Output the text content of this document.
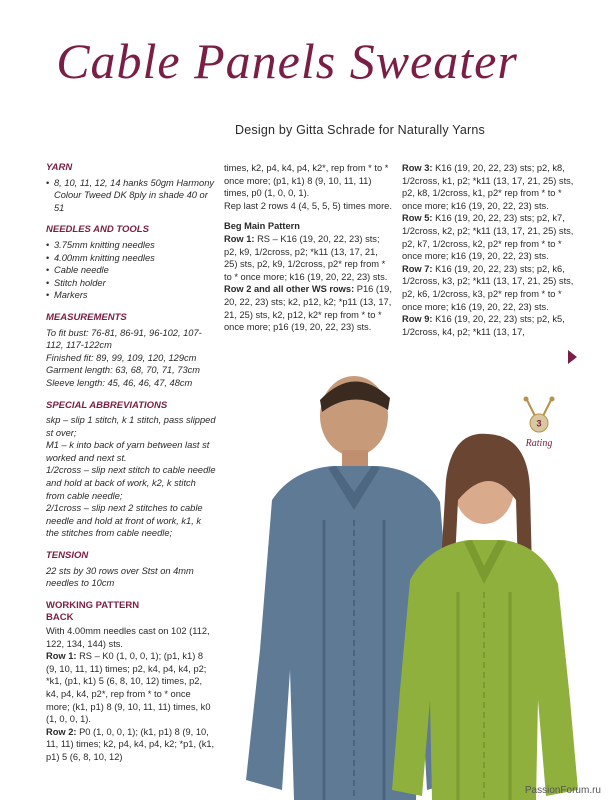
Cable Panels Sweater
Design by Gitta Schrade for Naturally Yarns
YARN
• 8, 10, 11, 12, 14 hanks 50gm Harmony Colour Tweed DK 8ply in shade 40 or 51
NEEDLES AND TOOLS
• 3.75mm knitting needles
• 4.00mm knitting needles
• Cable needle
• Stitch holder
• Markers
MEASUREMENTS
To fit bust: 76-81, 86-91, 96-102, 107-112, 117-122cm
Finished fit: 89, 99, 109, 120, 129cm
Garment length: 63, 68, 70, 71, 73cm
Sleeve length: 45, 46, 46, 47, 48cm
SPECIAL ABBREVIATIONS
skp – slip 1 stitch, k 1 stitch, pass slipped st over;
M1 – k into back of yarn between last st worked and next st.
1/2cross – slip next stitch to cable needle and hold at back of work, k2, k stitch from cable needle;
2/1cross – slip next 2 stitches to cable needle and hold at front of work, k1, k the stitches from cable needle;
TENSION
22 sts by 30 rows over Stst on 4mm needles to 10cm
WORKING PATTERN
BACK
With 4.00mm needles cast on 102 (112, 122, 134, 144) sts.
Row 1: RS – K0 (1, 0, 0, 1); (p1, k1) 8 (9, 10, 11, 11) times; p2, k4, p4, k4, p2; *k1, (p1, k1) 5 (6, 8, 10, 12) times, p2, k4, p4, k4, p2*, rep from * to * once more; (k1, p1) 8 (9, 10, 11, 11) times, k0 (1, 0, 0, 1).
Row 2: P0 (1, 0, 0, 1); (k1, p1) 8 (9, 10, 11, 11) times; k2, p4, k4, p4, k2; *p1, (k1, p1) 5 (6, 8, 10, 12)
times, k2, p4, k4, p4, k2*, rep from * to * once more; (p1, k1) 8 (9, 10, 11, 11) times, p0 (1, 0, 0, 1).
Rep last 2 rows 4 (4, 5, 5, 5) times more.
Beg Main Pattern
Row 1: RS – K16 (19, 20, 22, 23) sts; p2, k9, 1/2cross, p2; *k11 (13, 17, 21, 25) sts, p2, k9, 1/2cross, p2* rep from * to * once more; k16 (19, 20, 22, 23) sts.
Row 2 and all other WS rows: P16 (19, 20, 22, 23) sts; k2, p12, k2; *p11 (13, 17, 21, 25) sts, k2, p12, k2* rep from * to * once more; p16 (19, 20, 22, 23) sts.
Row 3: K16 (19, 20, 22, 23) sts; p2, k8, 1/2cross, k1, p2; *k11 (13, 17, 21, 25) sts, p2, k8, 1/2cross, k1, p2* rep from * to * once more; k16 (19, 20, 22, 23) sts.
Row 5: K16 (19, 20, 22, 23) sts; p2, k7, 1/2cross, k2, p2; *k11 (13, 17, 21, 25) sts, p2, k7, 1/2cross, k2, p2* rep from * to * once more; k16 (19, 20, 22, 23) sts.
Row 7: K16 (19, 20, 22, 23) sts; p2, k6, 1/2cross, k3, p2; *k11 (13, 17, 21, 25) sts, p2, k6, 1/2cross, k3, p2* rep from * to * once more; k16 (19, 20, 22, 23) sts.
Row 9: K16 (19, 20, 22, 23) sts; p2, k5, 1/2cross, k4, p2; *k11 (13, 17,
3
Rating
PassionForum.ru
